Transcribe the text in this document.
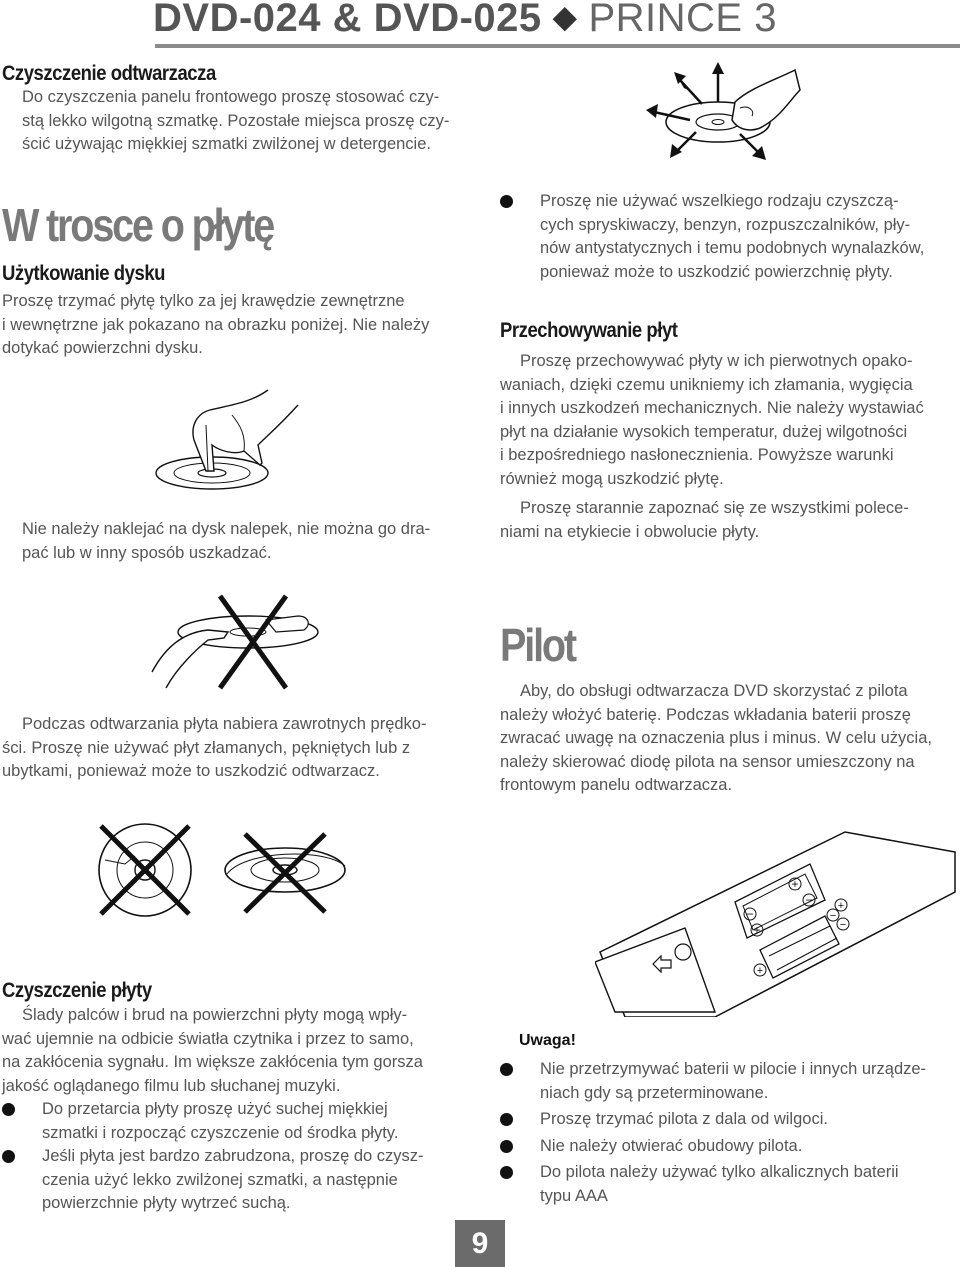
DVD-024 & DVD-025 ◆ PRINCE 3
Czyszczenie odtwarzacza

Do czyszczenia panelu frontowego proszę stosować czy-

stą lekko wilgotną szmatkę. Pozostałe miejsca proszę czy-

ścić używając miękkiej szmatki zwilżonej w detergencie.

W trosce o płytę
Użytkowanie dysku

Proszę trzymać płytę tylko za jej krawędzie zewnętrzne

i wewnętrzne jak pokazano na obrazku poniżej. Nie należy

dotykać powierzchni dysku.

Nie należy naklejać na dysk nalepek, nie można go dra-

pać lub w inny sposób uszkadzać.

Podczas odtwarzania płyta nabiera zawrotnych prędko-

ści. Proszę nie używać płyt złamanych, pękniętych lub z

ubytkami, ponieważ może to uszkodzić odtwarzacz.

Czyszczenie płyty

Ślady palców i brud na powierzchni płyty mogą wpły-

wać ujemnie na odbicie światła czytnika i przez to samo,

na zakłócenia sygnału. Im większe zakłócenia tym gorsza

jakość oglądanego filmu lub słuchanej muzyki.

Do przetarcia płyty proszę użyć suchej miękkiej
szmatki i rozpocząć czyszczenie od środka płyty.
Jeśli płyta jest bardzo zabrudzona, proszę do czysz-
czenia użyć lekko zwilżonej szmatki, a następnie
powierzchnie płyty wytrzeć suchą.
Proszę nie używać wszelkiego rodzaju czyszczą-
cych spryskiwaczy, benzyn, rozpuszczalników, pły-
nów antystatycznych i temu podobnych wynalazków,
ponieważ może to uszkodzić powierzchnię płyty.
Przechowywanie płyt

Proszę przechowywać płyty w ich pierwotnych opako-

waniach, dzięki czemu unikniemy ich złamania, wygięcia

i innych uszkodzeń mechanicznych. Nie należy wystawiać

płyt na działanie wysokich temperatur, dużej wilgotności

i bezpośredniego nasłonecznienia. Powyższe warunki

również mogą uszkodzić płytę.

Proszę starannie zapoznać się ze wszystkimi polece-

niami na etykiecie i obwolucie płyty.

Pilot

Aby, do obsługi odtwarzacza DVD skorzystać z pilota

należy włożyć baterię. Podczas wkładania baterii proszę

zwracać uwagę na oznaczenia plus i minus. W celu użycia,

należy skierować diodę pilota na sensor umieszczony na

frontowym panelu odtwarzacza.

−
+
+
−
−
+
+
−
Uwaga!
Nie przetrzymywać baterii w pilocie i innych urządze-
niach gdy są przeterminowane.
Proszę trzymać pilota z dala od wilgoci.
Nie należy otwierać obudowy pilota.
Do pilota należy używać tylko alkalicznych baterii
typu AAA
9
